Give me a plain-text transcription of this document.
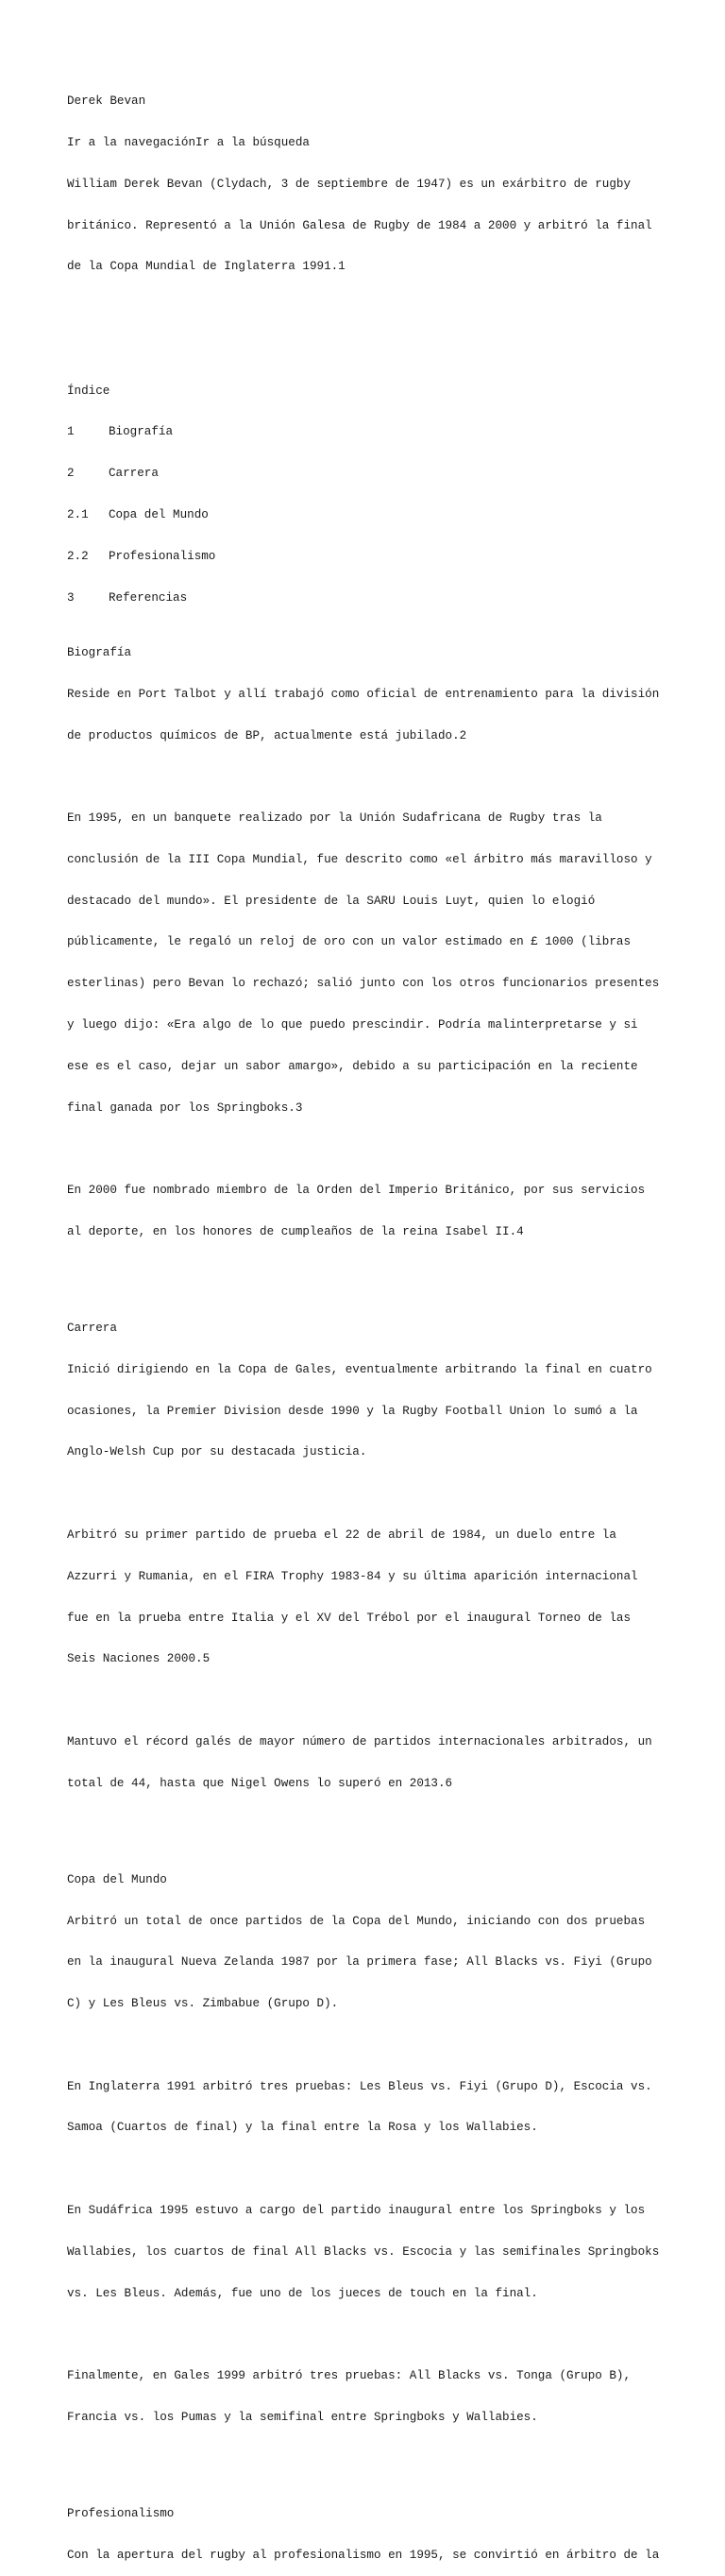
Derek Bevan

Ir a la navegaciónIr a la búsqueda

William Derek Bevan (Clydach, 3 de septiembre de 1947) es un exárbitro de rugby

británico. Representó a la Unión Galesa de Rugby de 1984 a 2000 y arbitró la final

de la Copa Mundial de Inglaterra 1991.1

Índice

1	Biografía

2	Carrera

2.1 Copa del Mundo

2.2 Profesionalismo

3	Referencias

Biografía

Reside en Port Talbot y allí trabajó como oficial de entrenamiento para la división

de productos químicos de BP, actualmente está jubilado.2

En 1995, en un banquete realizado por la Unión Sudafricana de Rugby tras la

conclusión de la III Copa Mundial, fue descrito como «el árbitro más maravilloso y

destacado del mundo». El presidente de la SARU Louis Luyt, quien lo elogió

públicamente, le regaló un reloj de oro con un valor estimado en £ 1000 (libras

esterlinas) pero Bevan lo rechazó; salió junto con los otros funcionarios presentes

y luego dijo: «Era algo de lo que puedo prescindir. Podría malinterpretarse y si

ese es el caso, dejar un sabor amargo», debido a su participación en la reciente

final ganada por los Springboks.3

En 2000 fue nombrado miembro de la Orden del Imperio Británico, por sus servicios

al deporte, en los honores de cumpleaños de la reina Isabel II.4

Carrera

Inició dirigiendo en la Copa de Gales, eventualmente arbitrando la final en cuatro

ocasiones, la Premier Division desde 1990 y la Rugby Football Union lo sumó a la

Anglo-Welsh Cup por su destacada justicia.

Arbitró su primer partido de prueba el 22 de abril de 1984, un duelo entre la

Azzurri y Rumania, en el FIRA Trophy 1983-84 y su última aparición internacional

fue en la prueba entre Italia y el XV del Trébol por el inaugural Torneo de las

Seis Naciones 2000.5

Mantuvo el récord galés de mayor número de partidos internacionales arbitrados, un

total de 44, hasta que Nigel Owens lo superó en 2013.6

Copa del Mundo

Arbitró un total de once partidos de la Copa del Mundo, iniciando con dos pruebas

en la inaugural Nueva Zelanda 1987 por la primera fase; All Blacks vs. Fiyi (Grupo

C) y Les Bleus vs. Zimbabue (Grupo D).

En Inglaterra 1991 arbitró tres pruebas: Les Bleus vs. Fiyi (Grupo D), Escocia vs.

Samoa (Cuartos de final) y la final entre la Rosa y los Wallabies.

En Sudáfrica 1995 estuvo a cargo del partido inaugural entre los Springboks y los

Wallabies, los cuartos de final All Blacks vs. Escocia y las semifinales Springboks

vs. Les Bleus. Además, fue uno de los jueces de touch en la final.

Finalmente, en Gales 1999 arbitró tres pruebas: All Blacks vs. Tonga (Grupo B),

Francia vs. los Pumas y la semifinal entre Springboks y Wallabies.

Profesionalismo

Con la apertura del rugby al profesionalismo en 1995, se convirtió en árbitro de la
